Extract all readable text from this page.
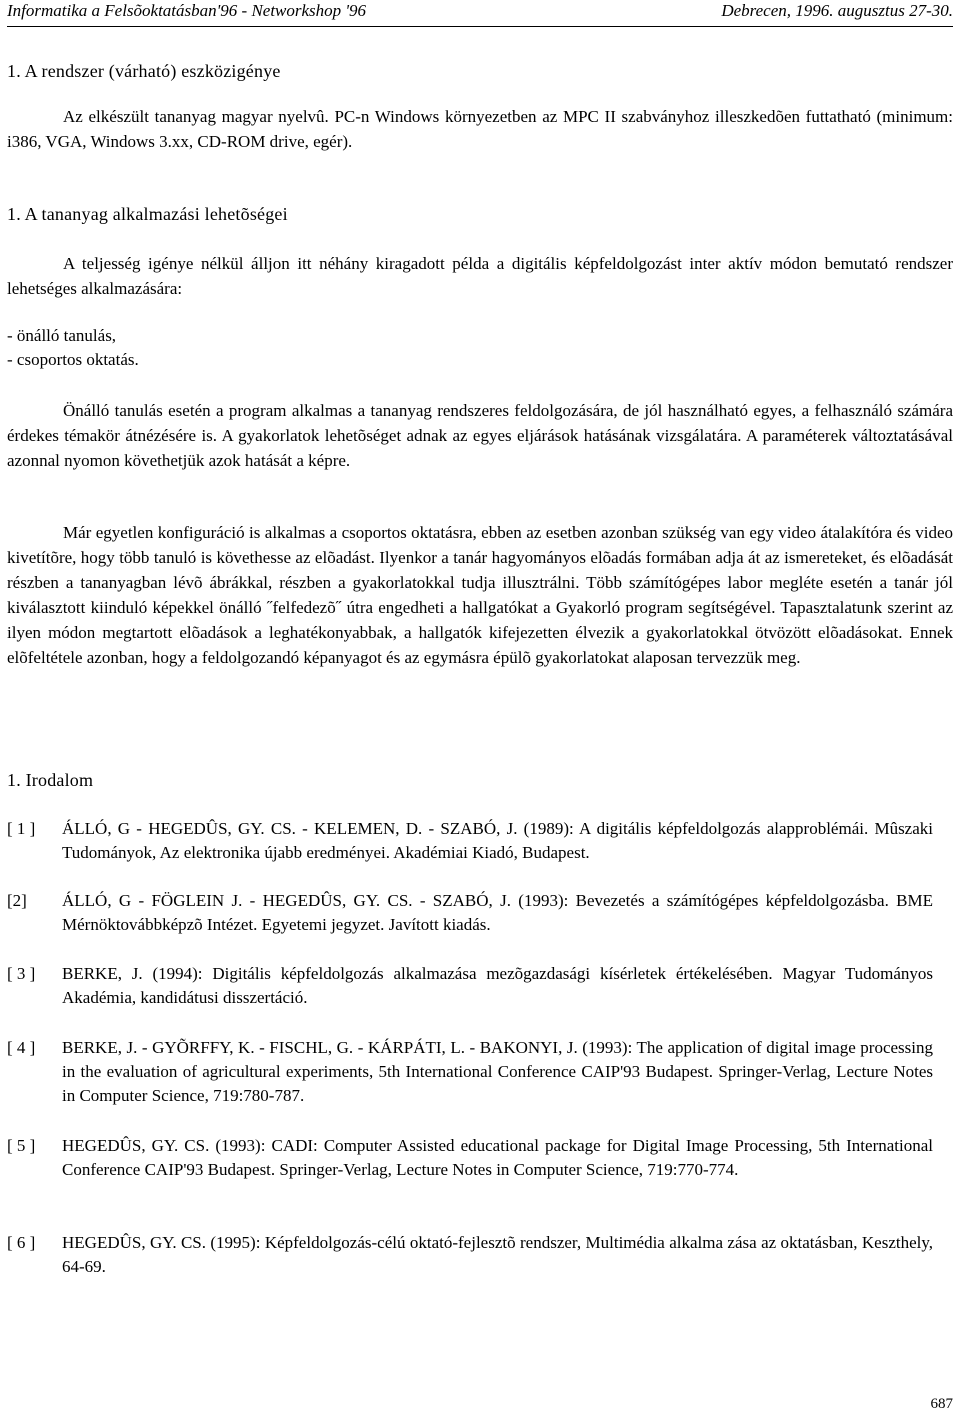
Informatika a Felsõoktatásban'96 - Networkshop '96	Debrecen, 1996. augusztus 27-30.
1. A rendszer (várható) eszközigénye
Az elkészült tananyag magyar nyelvû. PC-n Windows környezetben az MPC II szabványhoz illeszkedõen futtatható (minimum: i386, VGA, Windows 3.xx, CD-ROM drive, egér).
1. A tananyag alkalmazási lehetõségei
A teljesség igénye nélkül álljon itt néhány kiragadott példa a digitális képfeldolgozást inter aktív módon bemutató rendszer lehetséges alkalmazására:
- önálló tanulás,
- csoportos oktatás.
Önálló tanulás esetén a program alkalmas a tananyag rendszeres feldolgozására, de jól használható egyes, a felhasználó számára érdekes témakör átnézésére is. A gyakorlatok lehetõséget adnak az egyes eljárások hatásának vizsgálatára. A paraméterek változtatásával azonnal nyomon követhetjük azok hatását a képre.
Már egyetlen konfiguráció is alkalmas a csoportos oktatásra, ebben az esetben azonban szükség van egy video átalakítóra és video kivetítõre, hogy több tanuló is követhesse az elõadást. Ilyenkor a tanár hagyományos elõadás formában adja át az ismereteket, és elõadását részben a tananyagban lévõ ábrákkal, részben a gyakorlatokkal tudja illusztrálni. Több számítógépes labor megléte esetén a tanár jól kiválasztott kiinduló képekkel önálló ˝felfedezõ˝ útra engedheti a hallgatókat a Gyakorló program segítségével. Tapasztalatunk szerint az ilyen módon megtartott elõadások a leghatékonyabbak, a hallgatók kifejezetten élvezik a gyakorlatokkal ötvözött elõadásokat. Ennek elõfeltétele azonban, hogy a feldolgozandó képanyagot és az egymásra épülõ gyakorlatokat alaposan tervezzük meg.
1. Irodalom
[ 1 ]	ÁLLÓ, G - HEGEDÛS, GY. CS. - KELEMEN, D. - SZABÓ, J. (1989): A digitális képfeldolgozás alapproblémái. Mûszaki Tudományok, Az elektronika újabb eredményei. Akadémiai Kiadó, Budapest.
[2]	ÁLLÓ, G - FÖGLEIN J. - HEGEDÛS, GY. CS. - SZABÓ, J. (1993): Bevezetés a számítógépes képfeldolgozásba. BME Mérnöktovábbképzõ Intézet. Egyetemi jegyzet. Javított kiadás.
[ 3 ]	BERKE, J. (1994): Digitális képfeldolgozás alkalmazása mezõgazdasági kísérletek értékelésében. Magyar Tudományos Akadémia, kandidátusi disszertáció.
[ 4 ]	BERKE, J. - GYÕRFFY, K. - FISCHL, G. - KÁRPÁTI, L. - BAKONYI, J. (1993): The application of digital image processing in the evaluation of agricultural experiments, 5th International Conference CAIP'93 Budapest. Springer-Verlag, Lecture Notes in Computer Science, 719:780-787.
[ 5 ]	HEGEDÛS, GY. CS. (1993): CADI: Computer Assisted educational package for Digital Image Processing, 5th International Conference CAIP'93 Budapest. Springer-Verlag, Lecture Notes in Computer Science, 719:770-774.
[ 6 ]	HEGEDÛS, GY. CS. (1995): Képfeldolgozás-célú oktató-fejlesztõ rendszer, Multimédia alkalma zása az oktatásban, Keszthely, 64-69.
687
